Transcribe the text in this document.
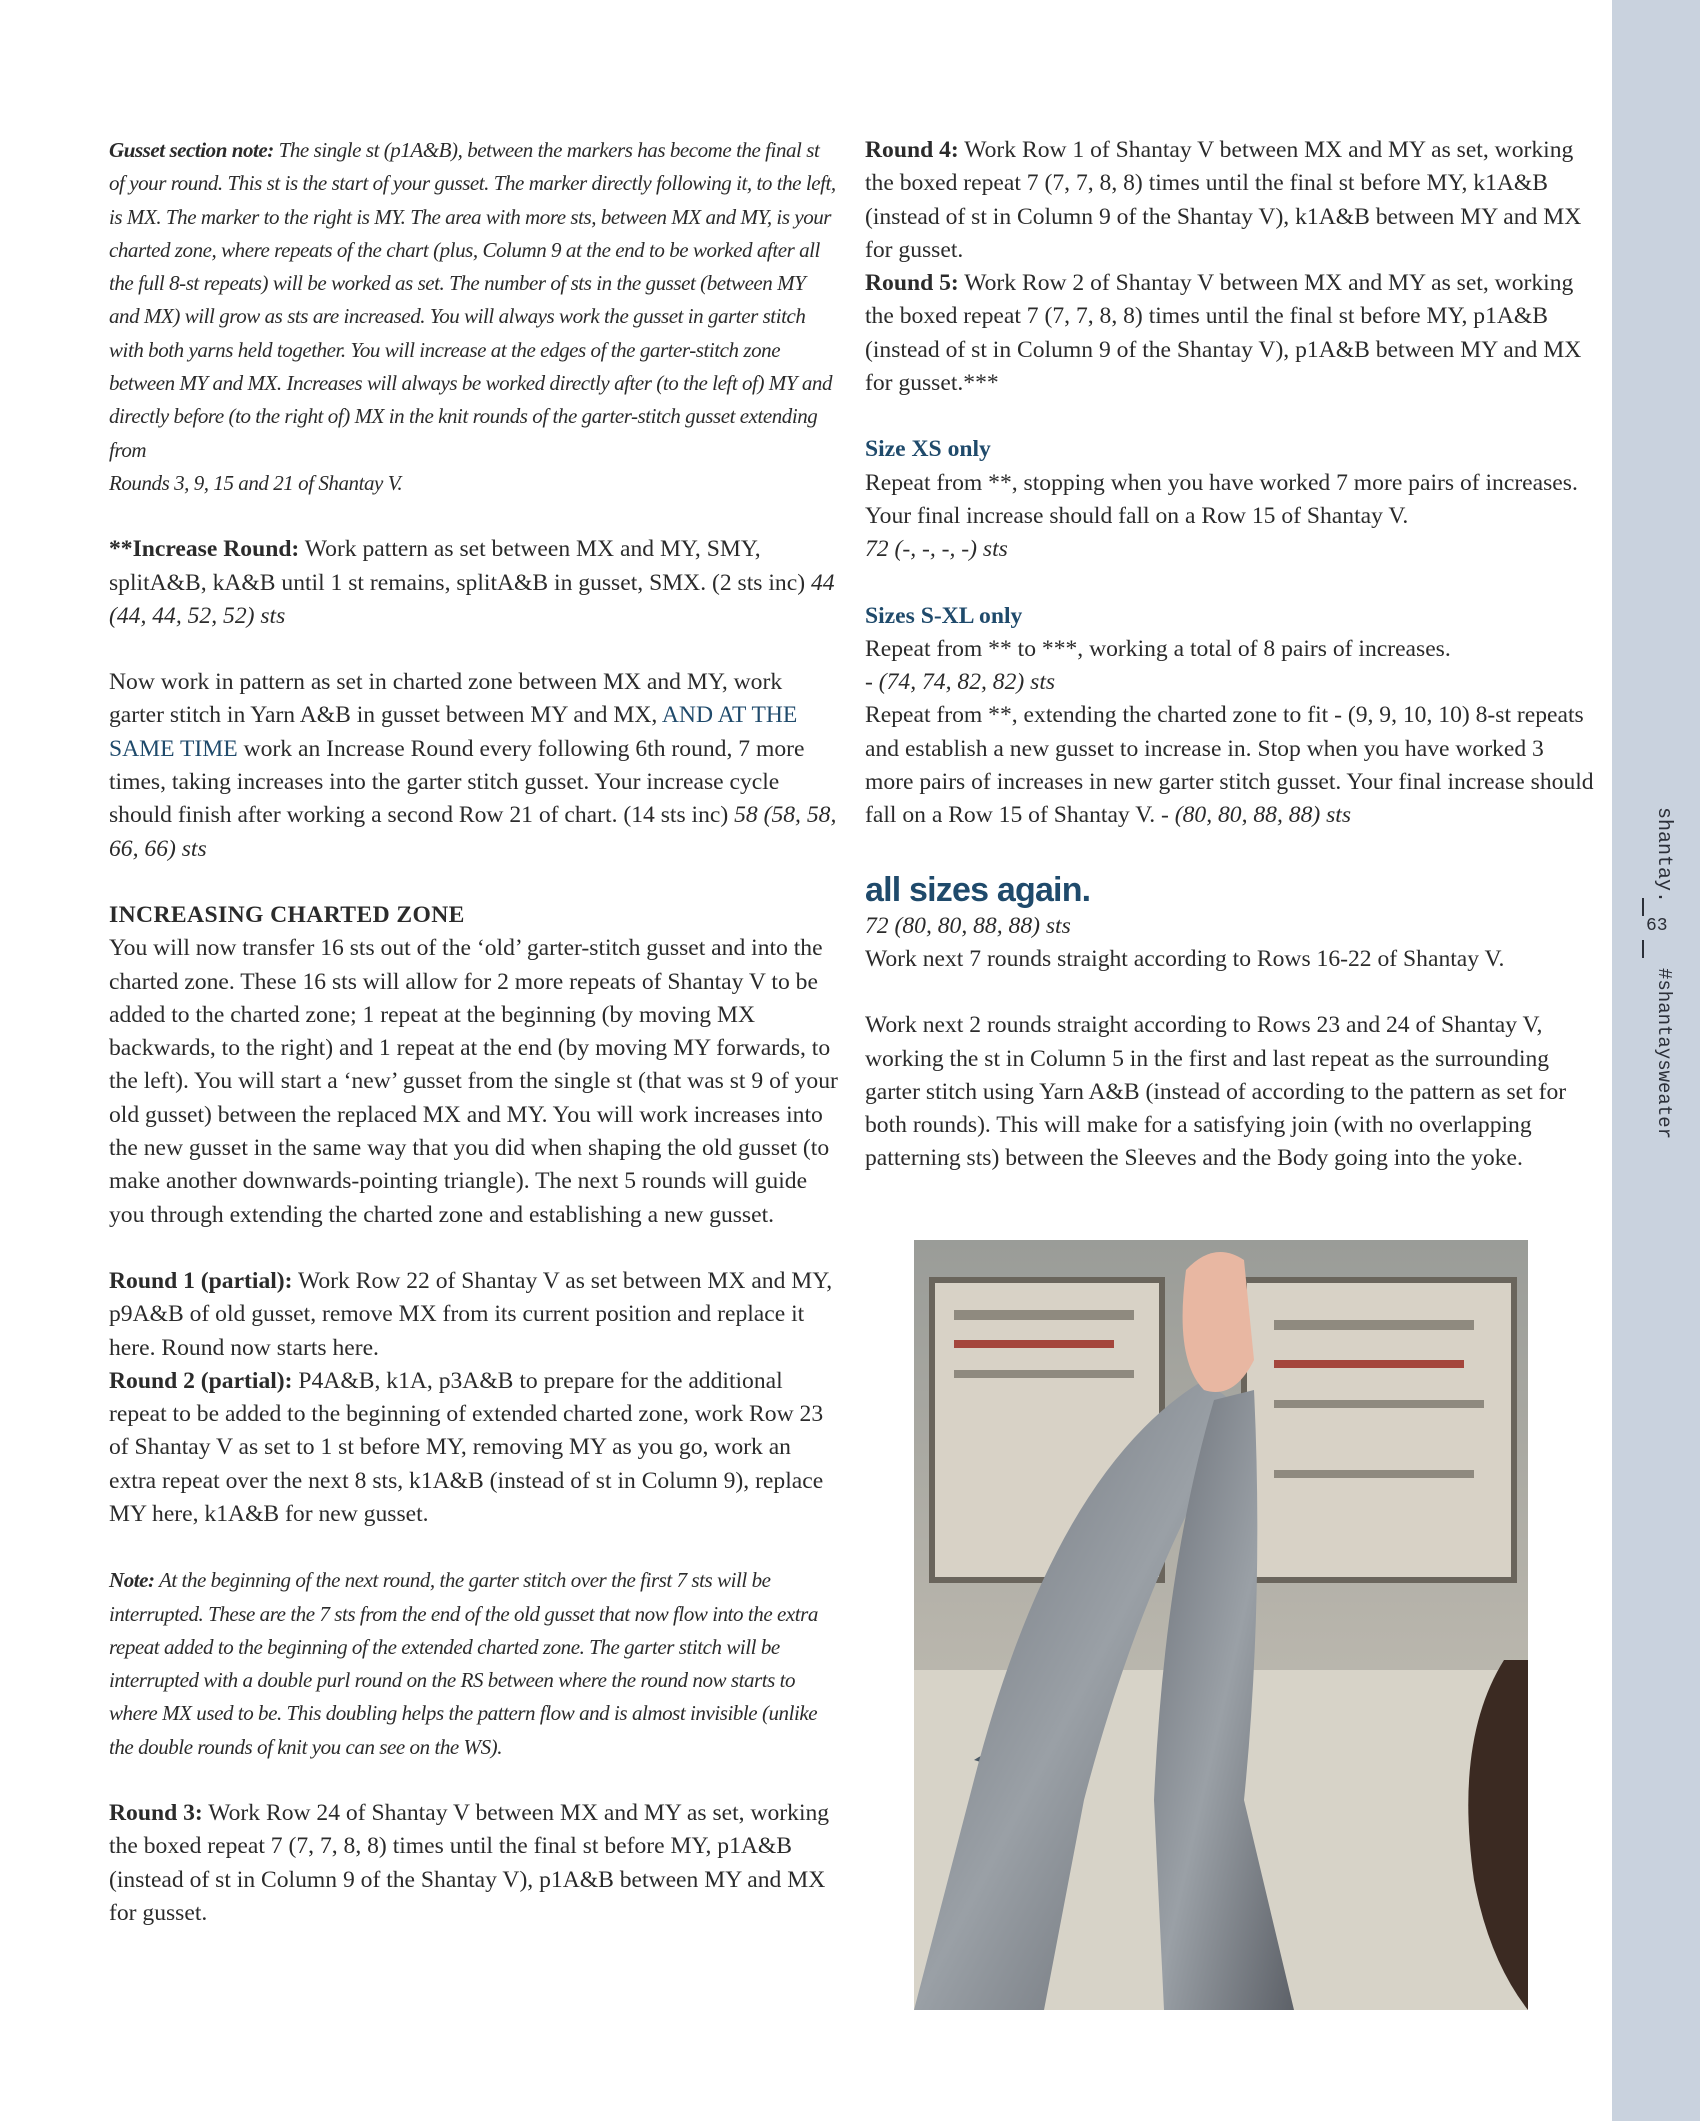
shantay.
63
#shantaysweater

Gusset section note: The single st (p1A&B), between the markers has become the final st of your round. This st is the start of your gusset. The marker directly following it, to the left, is MX. The marker to the right is MY. The area with more sts, between MX and MY, is your charted zone, where repeats of the chart (plus, Column 9 at the end to be worked after all the full 8-st repeats) will be worked as set. The number of sts in the gusset (between MY and MX) will grow as sts are increased. You will always work the gusset in garter stitch with both yarns held together. You will increase at the edges of the garter-stitch zone between MY and MX. Increases will always be worked directly after (to the left of) MY and directly before (to the right of) MX in the knit rounds of the garter-stitch gusset extending from
Rounds 3, 9, 15 and 21 of Shantay V.

**Increase Round: Work pattern as set between MX and MY, SMY, splitA&B, kA&B until 1 st remains, splitA&B in gusset, SMX. (2 sts inc) 44 (44, 44, 52, 52) sts

Now work in pattern as set in charted zone between MX and MY, work garter stitch in Yarn A&B in gusset between MY and MX, AND AT THE SAME TIME work an Increase Round every following 6th round, 7 more times, taking increases into the garter stitch gusset. Your increase cycle should finish after working a second Row 21 of chart. (14 sts inc) 58 (58, 58, 66, 66) sts

INCREASING CHARTED ZONE

You will now transfer 16 sts out of the ‘old’ garter-stitch gusset and into the charted zone. These 16 sts will allow for 2 more repeats of Shantay V to be added to the charted zone; 1 repeat at the beginning (by moving MX backwards, to the right) and 1 repeat at the end (by moving MY forwards, to the left). You will start a ‘new’ gusset from the single st (that was st 9 of your old gusset) between the replaced MX and MY. You will work increases into the new gusset in the same way that you did when shaping the old gusset (to make another downwards-pointing triangle). The next 5 rounds will guide you through extending the charted zone and establishing a new gusset.

Round 1 (partial): Work Row 22 of Shantay V as set between MX and MY, p9A&B of old gusset, remove MX from its current position and replace it here. Round now starts here.

Round 2 (partial): P4A&B, k1A, p3A&B to prepare for the additional repeat to be added to the beginning of extended charted zone, work Row 23 of Shantay V as set to 1 st before MY, removing MY as you go, work an extra repeat over the next 8 sts, k1A&B (instead of st in Column 9), replace MY here, k1A&B for new gusset.

Note: At the beginning of the next round, the garter stitch over the first 7 sts will be interrupted. These are the 7 sts from the end of the old gusset that now flow into the extra repeat added to the beginning of the extended charted zone. The garter stitch will be interrupted with a double purl round on the RS between where the round now starts to where MX used to be. This doubling helps the pattern flow and is almost invisible (unlike the double rounds of knit you can see on the WS).

Round 3: Work Row 24 of Shantay V between MX and MY as set, working the boxed repeat 7 (7, 7, 8, 8) times until the final st before MY, p1A&B (instead of st in Column 9 of the Shantay V), p1A&B between MY and MX for gusset.

Round 4: Work Row 1 of Shantay V between MX and MY as set, working the boxed repeat 7 (7, 7, 8, 8) times until the final st before MY, k1A&B (instead of st in Column 9 of the Shantay V), k1A&B between MY and MX for gusset.

Round 5: Work Row 2 of Shantay V between MX and MY as set, working the boxed repeat 7 (7, 7, 8, 8) times until the final st before MY, p1A&B (instead of st in Column 9 of the Shantay V), p1A&B between MY and MX for gusset.***

Size XS only

Repeat from **, stopping when you have worked 7 more pairs of increases. Your final increase should fall on a Row 15 of Shantay V.

72 (-, -, -, -) sts

Sizes S-XL only

Repeat from ** to ***, working a total of 8 pairs of increases.

- (74, 74, 82, 82) sts

Repeat from **, extending the charted zone to fit - (9, 9, 10, 10) 8-st repeats and establish a new gusset to increase in. Stop when you have worked 3 more pairs of increases in new garter stitch gusset. Your final increase should fall on a Row 15 of Shantay V. - (80, 80, 88, 88) sts

all sizes again.

72 (80, 80, 88, 88) sts

Work next 7 rounds straight according to Rows 16-22 of Shantay V.

Work next 2 rounds straight according to Rows 23 and 24 of Shantay V, working the st in Column 5 in the first and last repeat as the surrounding garter stitch using Yarn A&B (instead of according to the pattern as set for both rounds). This will make for a satisfying join (with no overlapping patterning sts) between the Sleeves and the Body going into the yoke.
